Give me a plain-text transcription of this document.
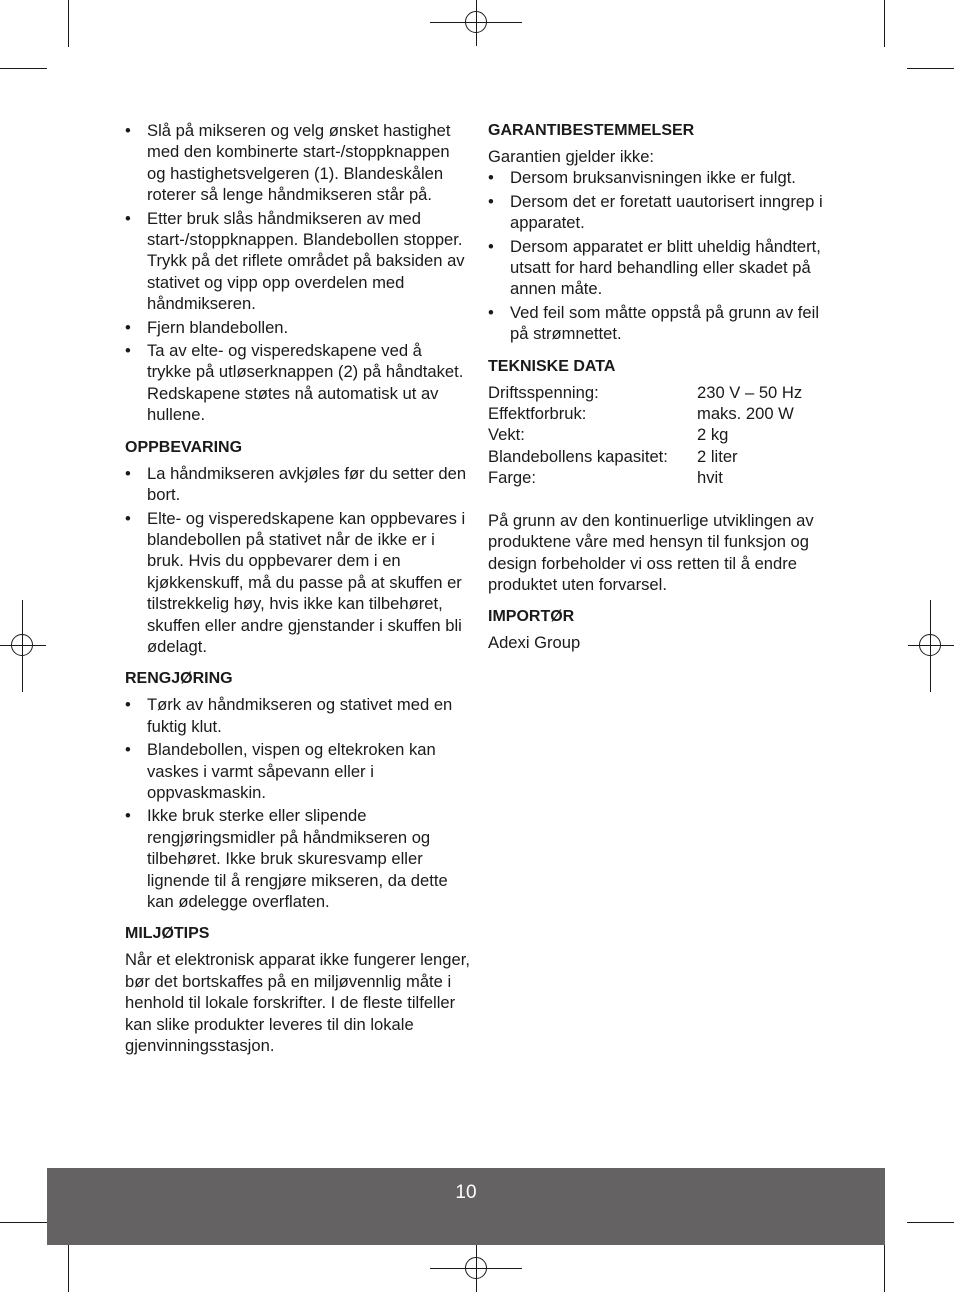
• Slå på mikseren og velg ønsket hastighet med den kombinerte start-/stoppknappen og hastighetsvelgeren (1). Blandeskålen roterer så lenge håndmikseren står på.
• Etter bruk slås håndmikseren av med start-/stoppknappen. Blandebollen stopper. Trykk på det riflete området på baksiden av stativet og vipp opp overdelen med håndmikseren.
• Fjern blandebollen.
• Ta av elte- og visperedskapene ved å trykke på utløserknappen (2) på håndtaket. Redskapene støtes nå automatisk ut av hullene.
OPPBEVARING
• La håndmikseren avkjøles før du setter den bort.
• Elte- og visperedskapene kan oppbevares i blandebollen på stativet når de ikke er i bruk. Hvis du oppbevarer dem i en kjøkkenskuff, må du passe på at skuffen er tilstrekkelig høy, hvis ikke kan tilbehøret, skuffen eller andre gjenstander i skuffen bli ødelagt.
RENGJØRING
• Tørk av håndmikseren og stativet med en fuktig klut.
• Blandebollen, vispen og eltekroken kan vaskes i varmt såpevann eller i oppvaskmaskin.
• Ikke bruk sterke eller slipende rengjøringsmidler på håndmikseren og tilbehøret. Ikke bruk skuresvamp eller lignende til å rengjøre mikseren, da dette kan ødelegge overflaten.
MILJØTIPS

Når et elektronisk apparat ikke fungerer lenger, bør det bortskaffes på en miljøvennlig måte i henhold til lokale forskrifter. I de fleste tilfeller kan slike produkter leveres til din lokale gjenvinningsstasjon.

GARANTIBESTEMMELSER

Garantien gjelder ikke:

• Dersom bruksanvisningen ikke er fulgt.
• Dersom det er foretatt uautorisert inngrep i apparatet.
• Dersom apparatet er blitt uheldig håndtert, utsatt for hard behandling eller skadet på annen måte.
• Ved feil som måtte oppstå på grunn av feil på strømnettet.
TEKNISKE DATA
Driftsspenning:	230 V – 50 Hz
Effektforbruk:	maks. 200 W
Vekt:	2 kg
Blandebollens kapasitet:	2 liter
Farge:	hvit

På grunn av den kontinuerlige utviklingen av produktene våre med hensyn til funksjon og design forbeholder vi oss retten til å endre produktet uten forvarsel.

IMPORTØR

Adexi Group

10
